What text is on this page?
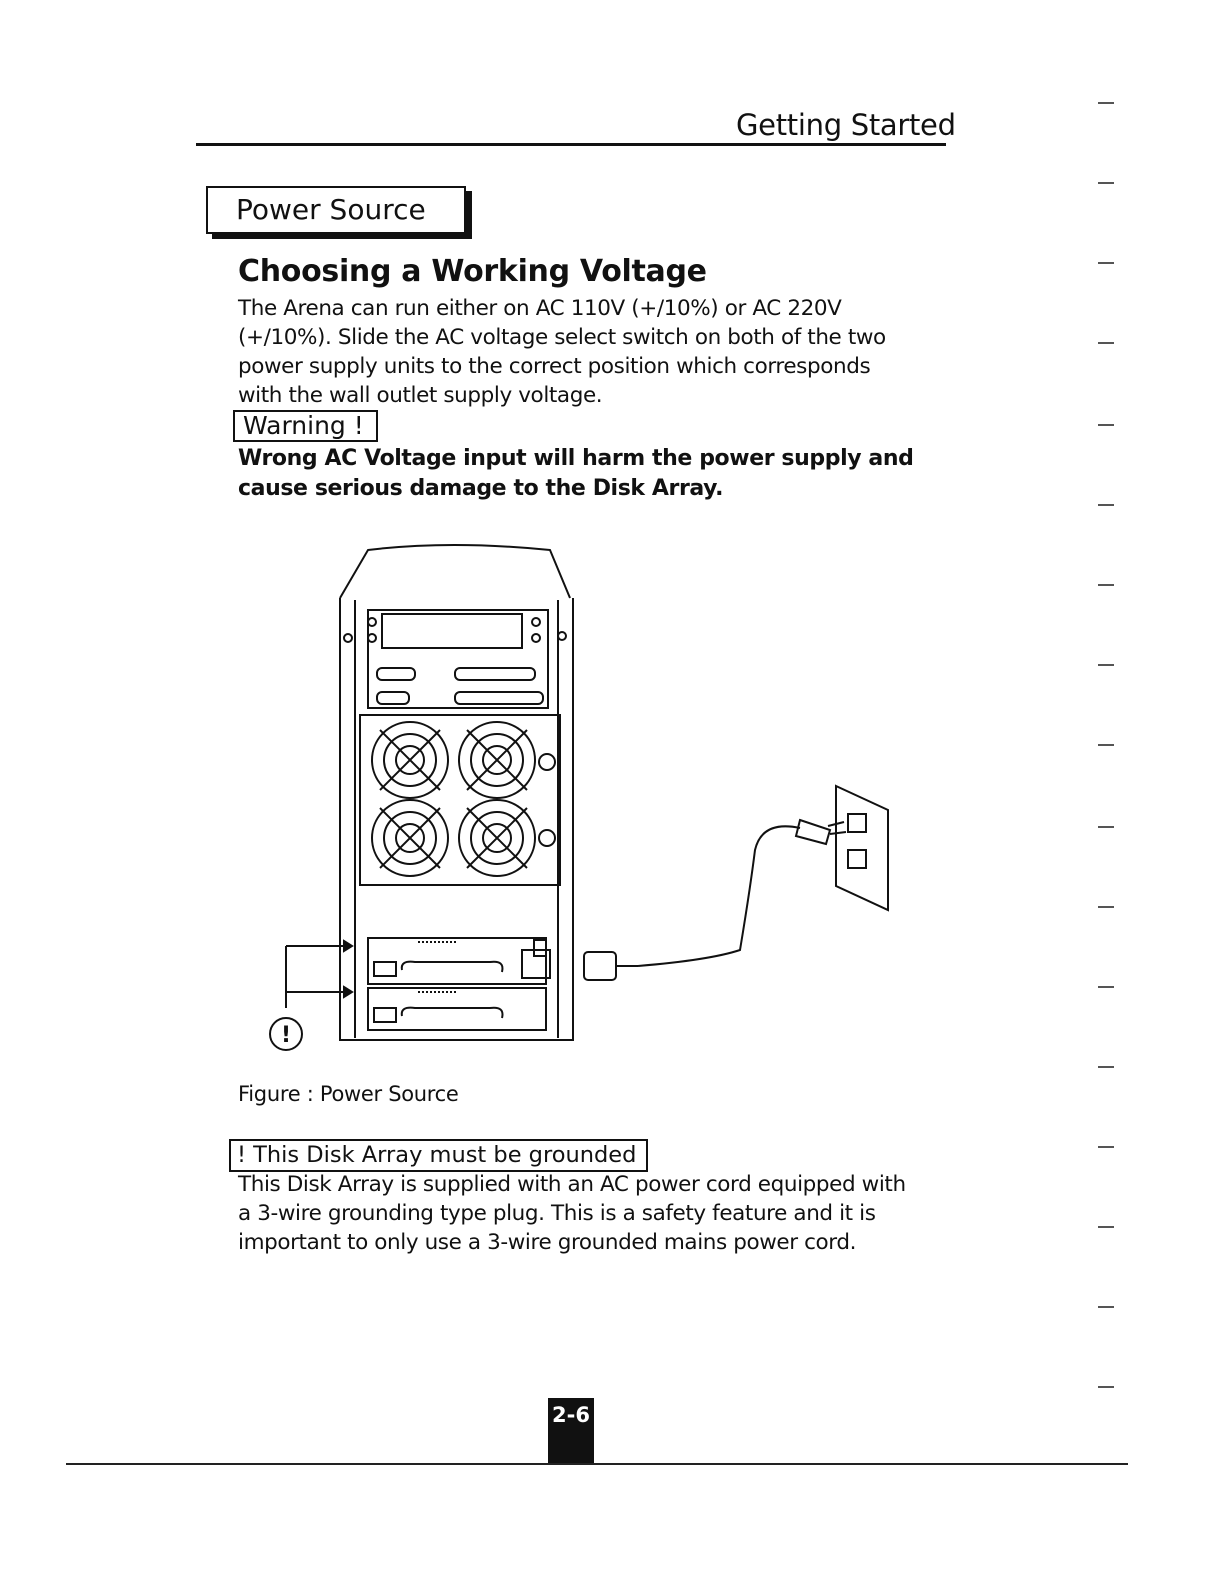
Getting Started
Power Source
Choosing a Working Voltage
The Arena can run either on AC 110V (+/10%) or AC 220V
(+/10%). Slide the AC voltage select switch on both of the two
power supply units to the correct position which corresponds
with the wall outlet supply voltage.
Warning !
Wrong AC Voltage input will harm the power supply and
cause serious damage to the Disk Array.
!
Figure : Power Source
! This Disk Array must be grounded
This Disk Array is supplied with an AC power cord equipped with
a 3-wire grounding type plug. This is a safety feature and it is
important to only use a 3-wire grounded mains power cord.
2-6
